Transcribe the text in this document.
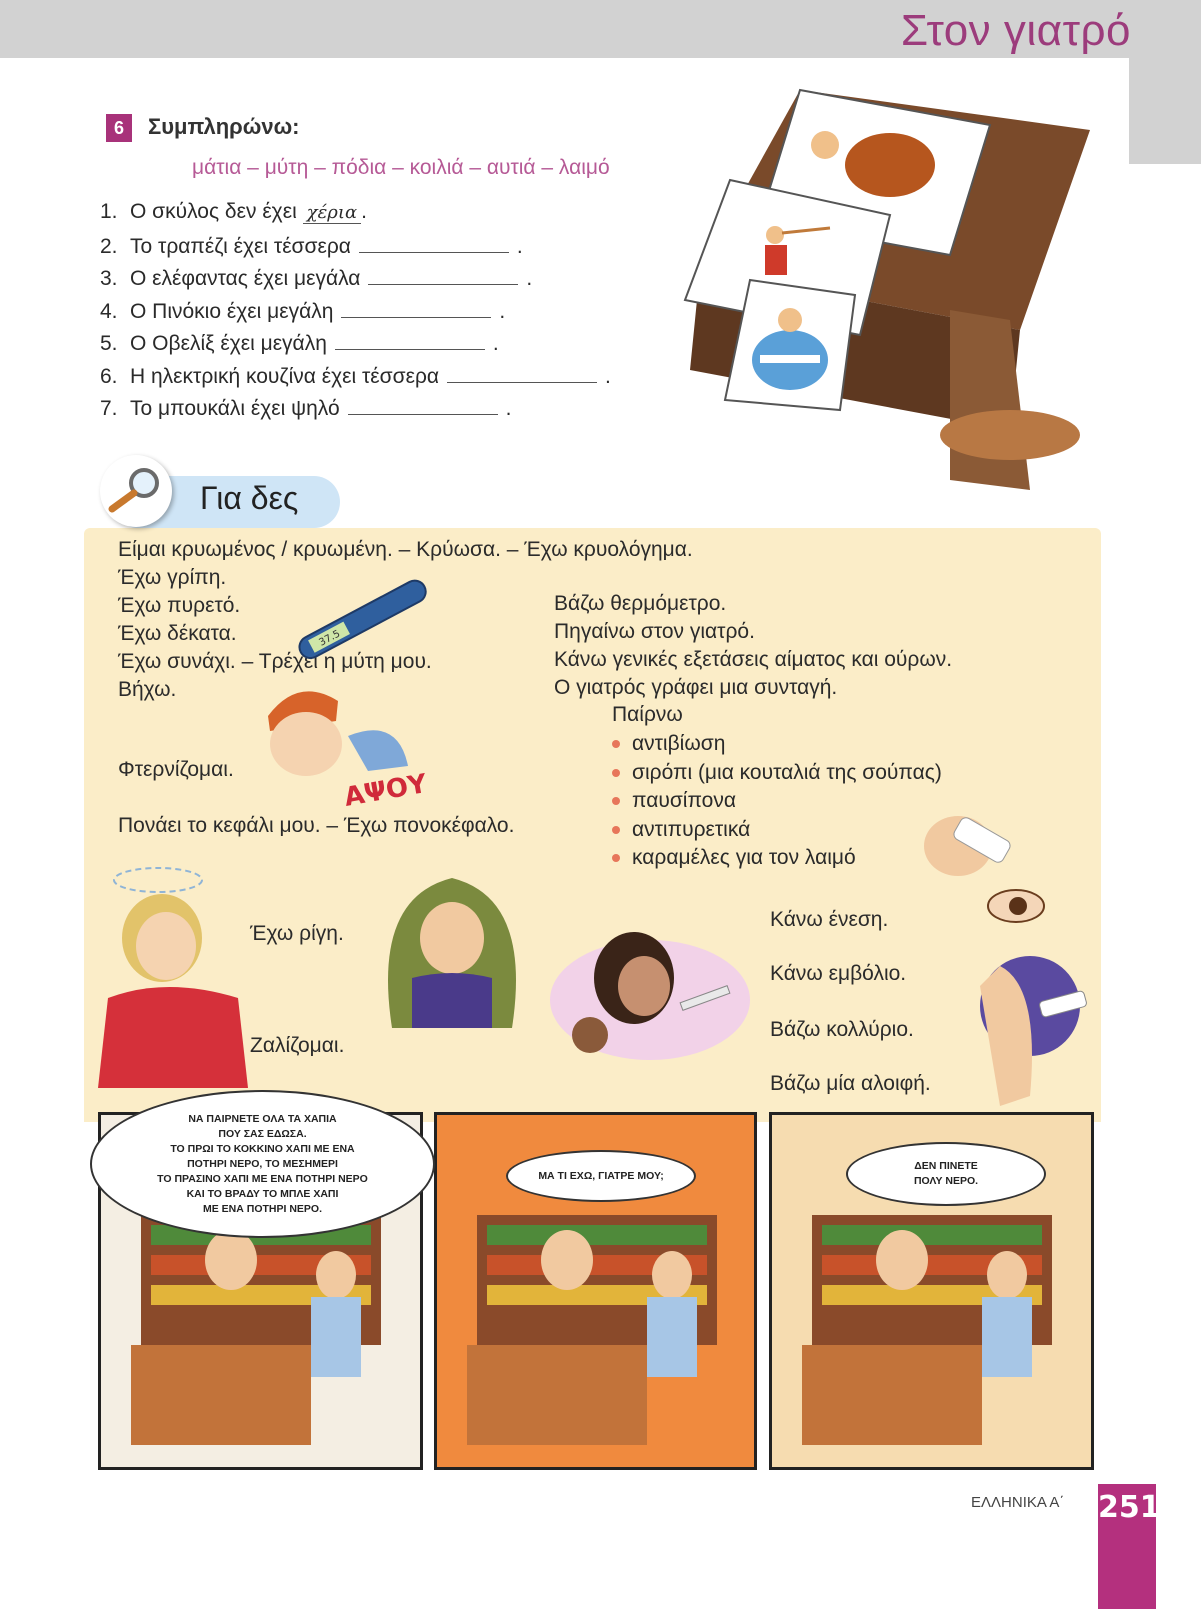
Στον γιατρό
6	Συμπληρώνω:
μάτια – μύτη – πόδια – κοιλιά – αυτιά – λαιμό
1. Ο σκύλος δεν έχει χέρια .
2. Το τραπέζι έχει τέσσερα	.
3. Ο ελέφαντας έχει μεγάλα	.
4. Ο Πινόκιο έχει μεγάλη	.
5. Ο Οβελίξ έχει μεγάλη	.
6. Η ηλεκτρική κουζίνα έχει τέσσερα	.
7. Το μπουκάλι έχει ψηλό	.
Για δες
Είμαι κρυωμένος / κρυωμένη. – Κρύωσα. – Έχω κρυολόγημα.
Έχω γρίπη.
Έχω πυρετό.
Έχω δέκατα.
Έχω συνάχι. – Τρέχει η μύτη μου.
Βήχω.
37.5
ΑΨΟΥ
Φτερνίζομαι.
Πονάει το κεφάλι μου. – Έχω πονοκέφαλο.
Βάζω θερμόμετρο.
Πηγαίνω στον γιατρό.
Κάνω γενικές εξετάσεις αίματος και ούρων.
Ο γιατρός γράφει μια συνταγή.
Παίρνω
αντιβίωση
σιρόπι (μια κουταλιά της σούπας)
παυσίπονα
αντιπυρετικά
καραμέλες για τον λαιμό
Έχω ρίγη.
Ζαλίζομαι.
Κάνω ένεση.
Κάνω εμβόλιο.
Βάζω κολλύριο.
Βάζω μία αλοιφή.
ΝΑ ΠΑΙΡΝΕΤΕ ΟΛΑ ΤΑ ΧΑΠΙΑ
ΠΟΥ ΣΑΣ ΕΔΩΣΑ.
ΤΟ ΠΡΩΙ ΤΟ ΚΟΚΚΙΝΟ ΧΑΠΙ ΜΕ ΕΝΑ
ΠΟΤΗΡΙ ΝΕΡΟ, ΤΟ ΜΕΣΗΜΕΡΙ
ΤΟ ΠΡΑΣΙΝΟ ΧΑΠΙ ΜΕ ΕΝΑ ΠΟΤΗΡΙ ΝΕΡΟ
ΚΑΙ ΤΟ ΒΡΑΔΥ ΤΟ ΜΠΛΕ ΧΑΠΙ
ΜΕ ΕΝΑ ΠΟΤΗΡΙ ΝΕΡΟ.
ΜΑ ΤΙ ΕΧΩ, ΓΙΑΤΡΕ ΜΟΥ;
ΔΕΝ ΠΙΝΕΤΕ
ΠΟΛΥ ΝΕΡΟ.
ΕΛΛΗΝΙΚΑ Α΄ 251
